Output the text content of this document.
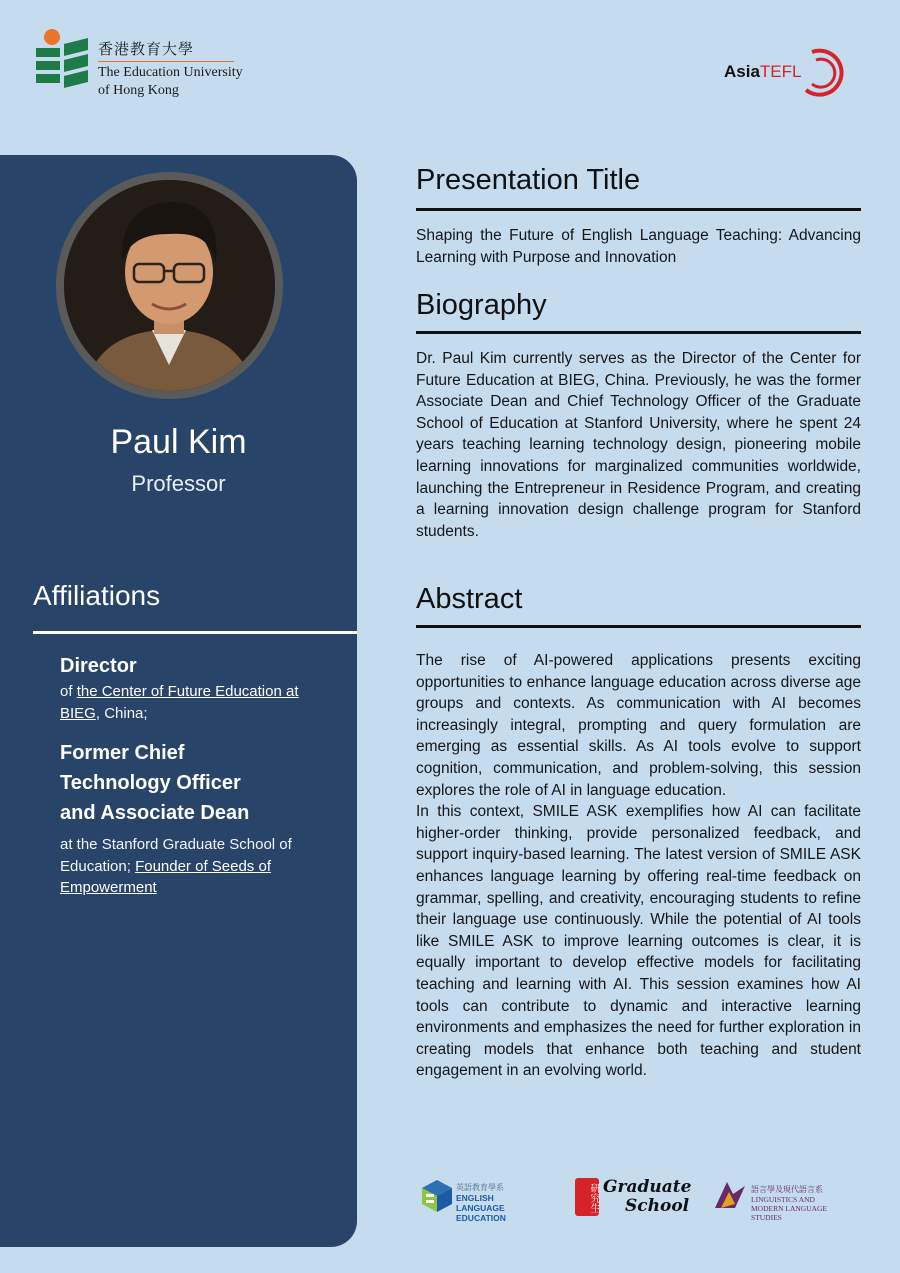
香港教育大學
The Education University
of Hong Kong
AsiaTEFL
Paul Kim
Professor
Affiliations
Director
of the Center of Future Education at BIEG, China;
Former Chief
Technology Officer
and Associate Dean
at the Stanford Graduate School of Education; Founder of Seeds of Empowerment
Presentation Title
Shaping the Future of English Language Teaching: Advancing Learning with Purpose and Innovation
Biography
Dr. Paul Kim currently serves as the Director of the Center for Future Education at BIEG, China. Previously, he was the former Associate Dean and Chief Technology Officer of the Graduate School of Education at Stanford University, where he spent 24 years teaching learning technology design, pioneering mobile learning innovations for marginalized communities worldwide, launching the Entrepreneur in Residence Program, and creating a learning innovation design challenge program for Stanford students.
Abstract
The rise of AI-powered applications presents exciting opportunities to enhance language education across diverse age groups and contexts. As communication with AI becomes increasingly integral, prompting and query formulation are emerging as essential skills. As AI tools evolve to support cognition, communication, and problem-solving, this session explores the role of AI in language education.
In this context, SMILE ASK exemplifies how AI can facilitate higher-order thinking, provide personalized feedback, and support inquiry-based learning. The latest version of SMILE ASK enhances language learning by offering real-time feedback on grammar, spelling, and creativity, encouraging students to refine their language use continuously. While the potential of AI tools like SMILE ASK to improve learning outcomes is clear, it is equally important to develop effective models for facilitating teaching and learning with AI. This session examines how AI tools can contribute to dynamic and interactive learning environments and emphasizes the need for further exploration in creating models that enhance both teaching and student engagement in an evolving world.
英語教育學系
ENGLISH LANGUAGE
EDUCATION
研究生 Graduate
School
語言學及現代語言系
LINGUISTICS AND
MODERN LANGUAGE STUDIES
